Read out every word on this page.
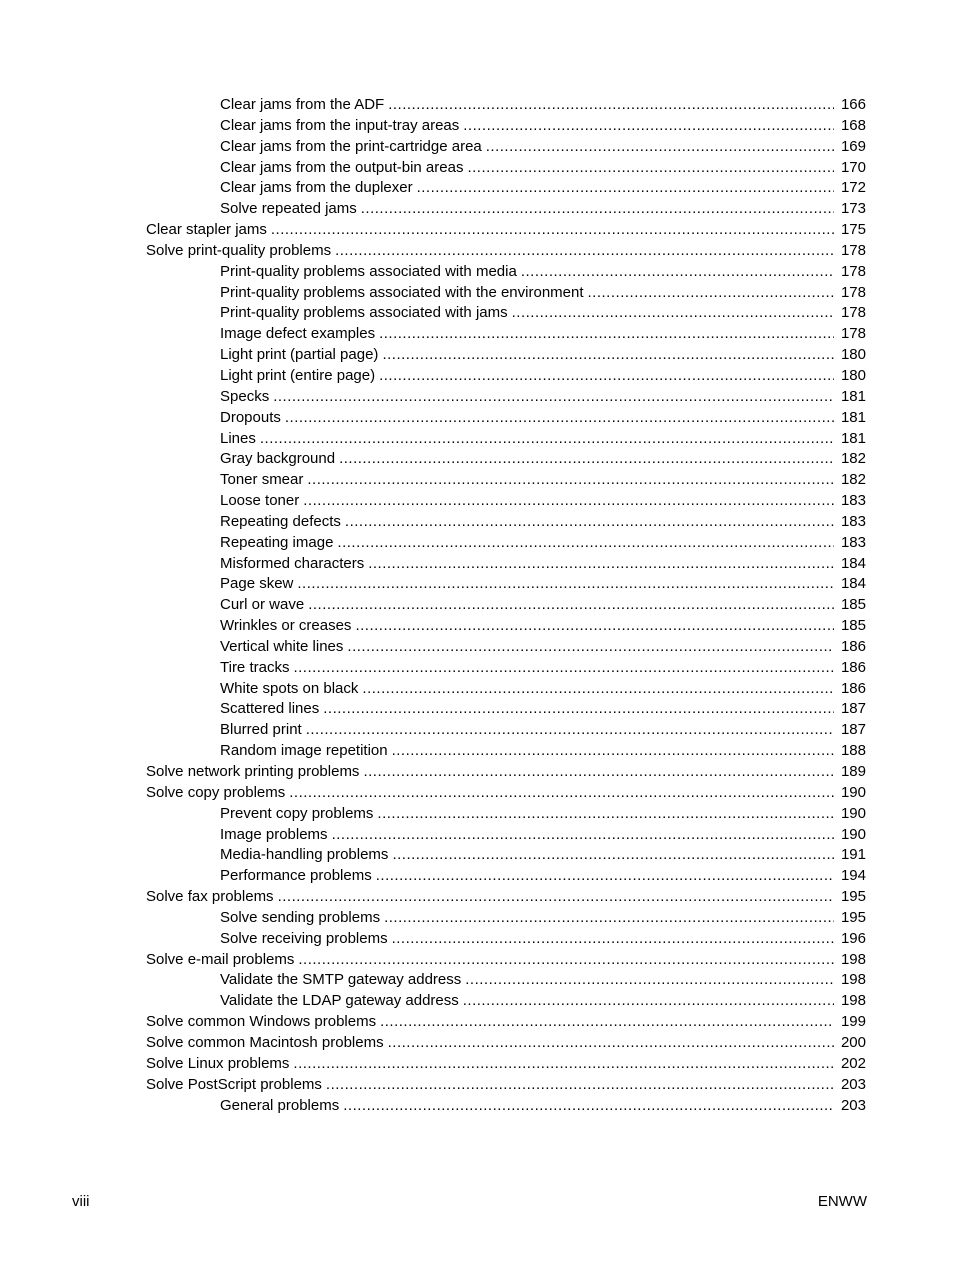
Clear jams from the ADF .....	166
Clear jams from the input-tray areas .....	168
Clear jams from the print-cartridge area .....	169
Clear jams from the output-bin areas .....	170
Clear jams from the duplexer .....	172
Solve repeated jams .....	173
Clear stapler jams .....	175
Solve print-quality problems .....	178
Print-quality problems associated with media .....	178
Print-quality problems associated with the environment .....	178
Print-quality problems associated with jams .....	178
Image defect examples .....	178
Light print (partial page) .....	180
Light print (entire page) .....	180
Specks .....	181
Dropouts .....	181
Lines .....	181
Gray background .....	182
Toner smear .....	182
Loose toner .....	183
Repeating defects .....	183
Repeating image .....	183
Misformed characters .....	184
Page skew .....	184
Curl or wave .....	185
Wrinkles or creases .....	185
Vertical white lines .....	186
Tire tracks .....	186
White spots on black .....	186
Scattered lines .....	187
Blurred print .....	187
Random image repetition .....	188
Solve network printing problems .....	189
Solve copy problems .....	190
Prevent copy problems .....	190
Image problems .....	190
Media-handling problems .....	191
Performance problems .....	194
Solve fax problems .....	195
Solve sending problems .....	195
Solve receiving problems .....	196
Solve e-mail problems .....	198
Validate the SMTP gateway address .....	198
Validate the LDAP gateway address .....	198
Solve common Windows problems .....	199
Solve common Macintosh problems .....	200
Solve Linux problems .....	202
Solve PostScript problems .....	203
General problems .....	203
viii	ENWW
